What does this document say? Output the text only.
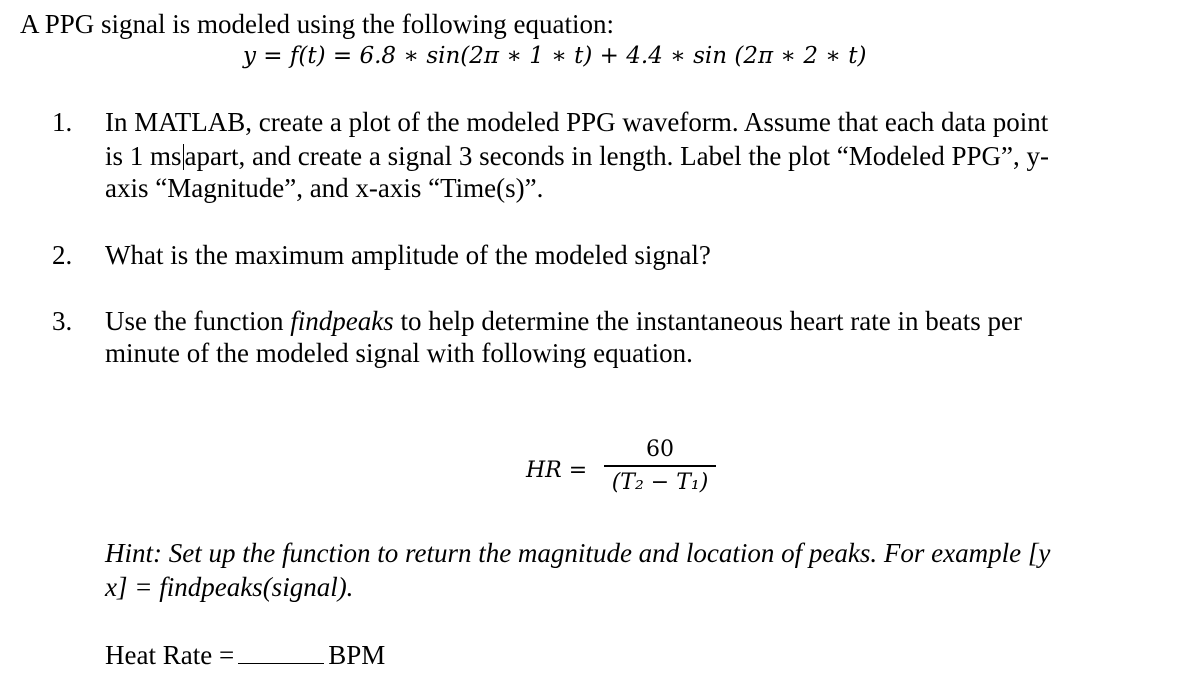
A PPG signal is modeled using the following equation:
y = f(t) = 6.8 ∗ sin(2π ∗ 1 ∗ t) + 4.4 ∗ sin (2π ∗ 2 ∗ t)
1. In MATLAB, create a plot of the modeled PPG waveform. Assume that each data point
is 1 ms apart, and create a signal 3 seconds in length. Label the plot “Modeled PPG”, y-
axis “Magnitude”, and x-axis “Time(s)”.
2. What is the maximum amplitude of the modeled signal?
3. Use the function findpeaks to help determine the instantaneous heart rate in beats per
minute of the modeled signal with following equation.
HR =
60
(T₂ − T₁)
Hint: Set up the function to return the magnitude and location of peaks. For example [y
x] = findpeaks(signal).
Heat Rate =	BPM
